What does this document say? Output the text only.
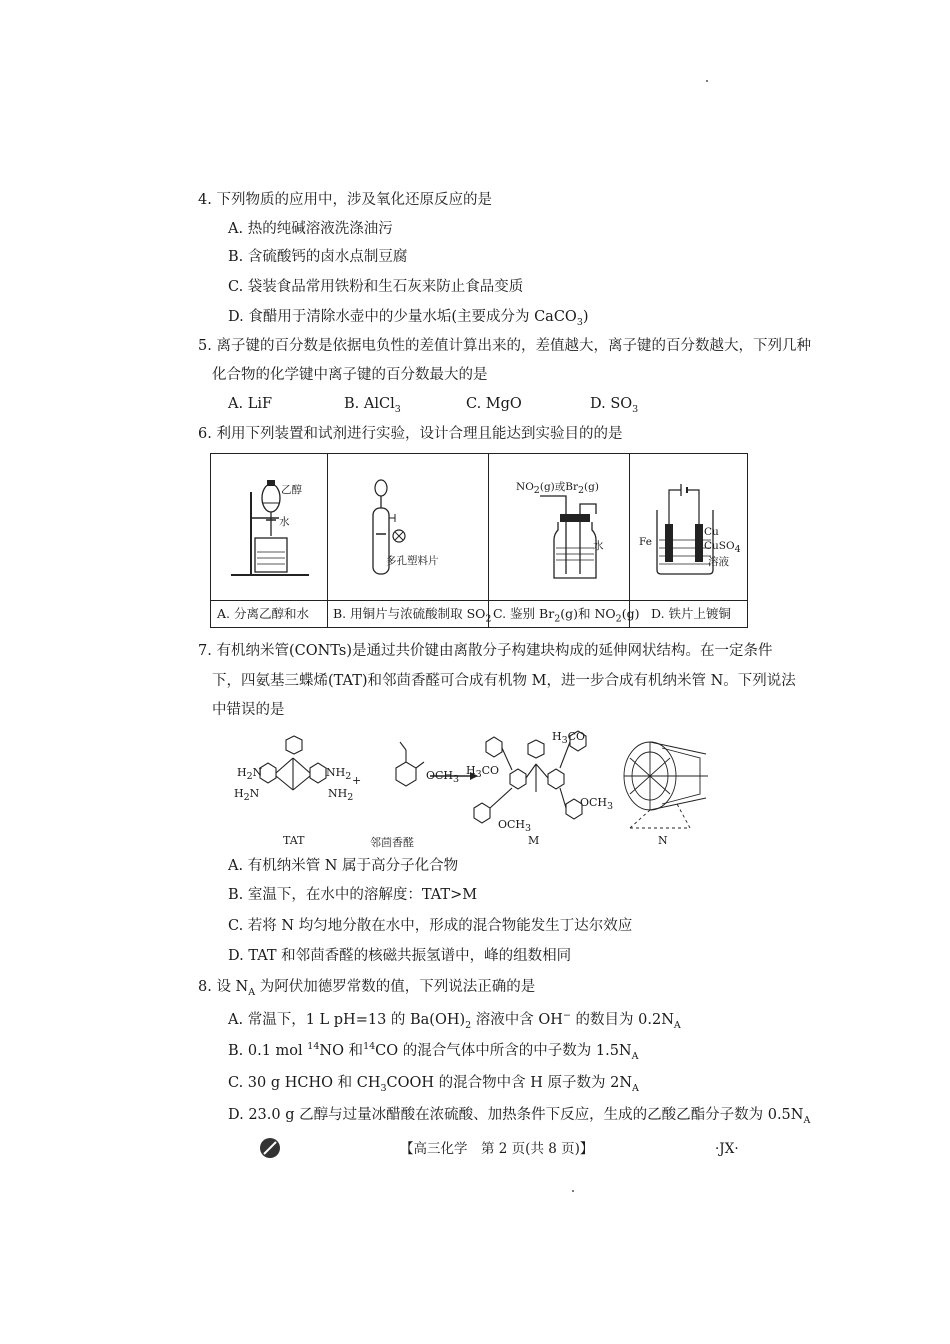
4. 下列物质的应用中，涉及氧化还原反应的是
A. 热的纯碱溶液洗涤油污
B. 含硫酸钙的卤水点制豆腐
C. 袋装食品常用铁粉和生石灰来防止食品变质
D. 食醋用于清除水壶中的少量水垢(主要成分为 CaCO$_3$)
5. 离子键的百分数是依据电负性的差值计算出来的，差值越大，离子键的百分数越大，下列几种
化合物的化学键中离子键的百分数最大的是
A. LiF	B. AlCl$_3$	C. MgO	D. $SO_3$
6. 利用下列装置和试剂进行实验，设计合理且能达到实验目的的是
乙醇
水
多孔塑料片
$NO_2(g)$或$Br_2(g)$
水	Fe
Cu
CuSO$_4$
溶液
A. 分离乙醇和水 B. 用铜片与浓硫酸制取 $SO_2$ C. 鉴别 $Br_2(g)$和 $NO_2(g)$ D. 铁片上镀铜
7. 有机纳米管(CONTs)是通过共价键由离散分子构建块构成的延伸网状结构。在一定条件
下，四氨基三蝶烯(TAT)和邻茴香醛可合成有机物 M，进一步合成有机纳米管 N。下列说法
中错误的是
$H_2N$
$H_2N$
$NH_2$
$NH_2$
+	$OCH_3$
$H_3CO$
$H_3CO$
$OCH_3$
$OCH_3$
TAT	邻茴香醛	M	N
A. 有机纳米管 N 属于高分子化合物
B. 室温下，在水中的溶解度：TAT>M
C. 若将 N 均匀地分散在水中，形成的混合物能发生丁达尔效应
D. TAT 和邻茴香醛的核磁共振氢谱中，峰的组数相同
8. 设 $N_A$ 为阿伏加德罗常数的值，下列说法正确的是
A. 常温下，1 L pH=13 的 $Ba(OH)_2$ 溶液中含 OH− 的数目为 $0.2N_A$
B. 0.1 mol $^{14}$NO 和$^{14}$CO 的混合气体中所含的中子数为 $1.5N_A$
C. 30 g HCHO 和 $CH_3COOH$ 的混合物中含 H 原子数为 $2N_A$
D. 23.0 g 乙醇与过量冰醋酸在浓硫酸、加热条件下反应，生成的乙酸乙酯分子数为 $0.5N_A$
【高三化学　第 2 页(共 8 页)】	·JX·
